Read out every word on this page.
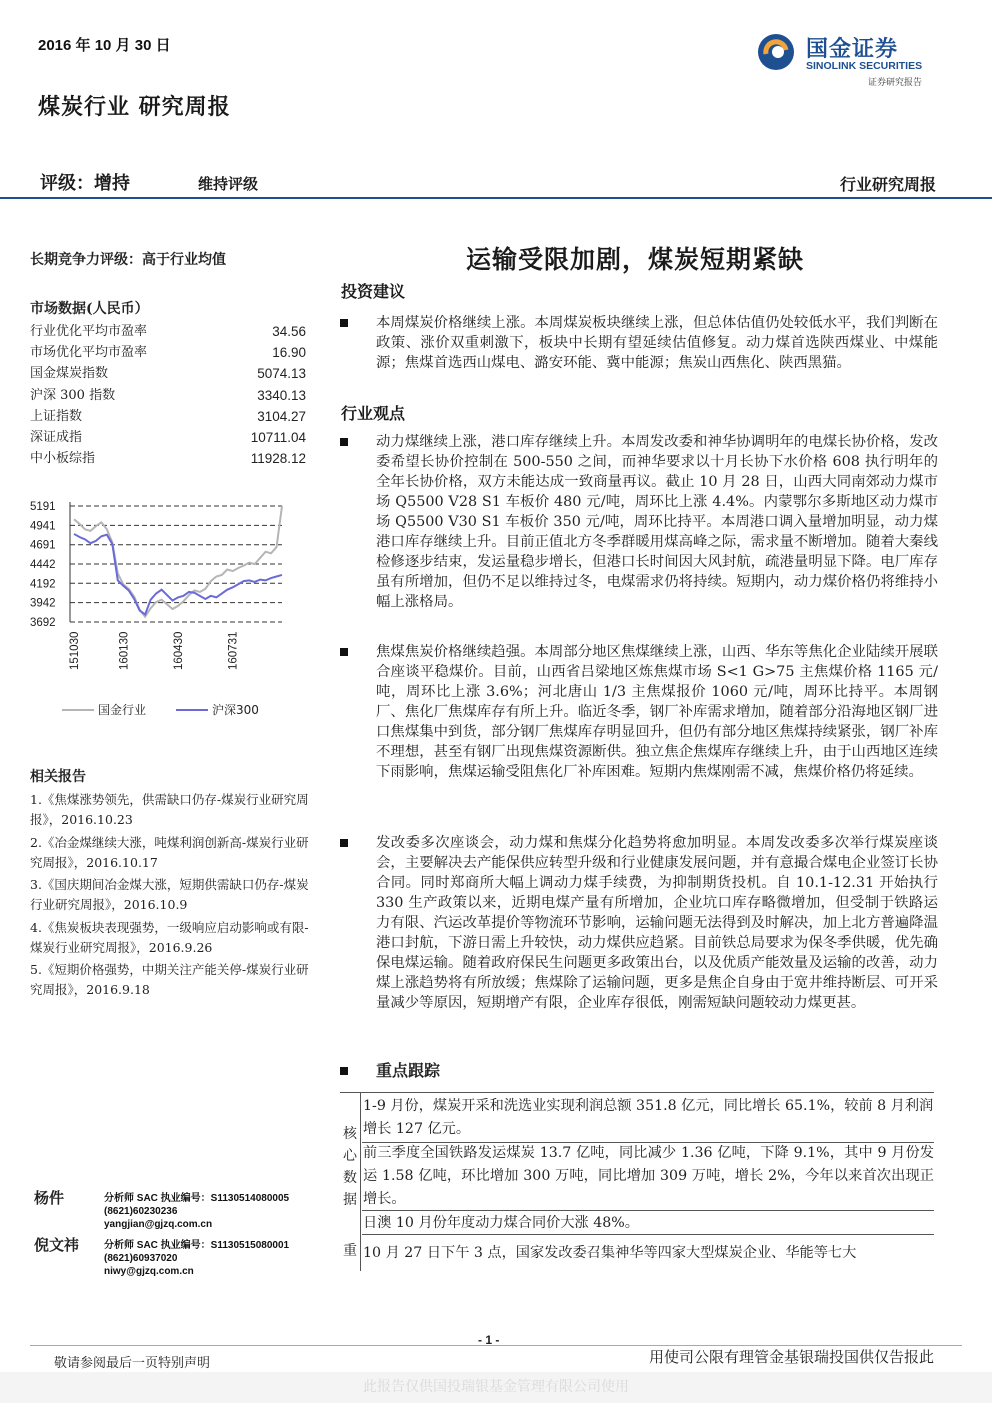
2016 年 10 月 30 日	国金证券
SINOLINK SECURITIES
证券研究报告
煤炭行业 研究周报
评级：增持	维持评级	行业研究周报
长期竞争力评级：高于行业均值
市场数据(人民币）
行业优化平均市盈率	34.56
市场优化平均市盈率	16.90
国金煤炭指数	5074.13
沪深 300 指数	3340.13
上证指数	3104.27
深证成指	10711.04
中小板综指	11928.12
5191
4941
4691
4442
4192
3942
3692
151030	160130	160430	160731
国金行业	沪深300
相关报告
1.《焦煤涨势领先，供需缺口仍存-煤炭行业研究周报》，2016.10.23
2.《冶金煤继续大涨，吨煤利润创新高-煤炭行业研究周报》，2016.10.17
3.《国庆期间冶金煤大涨，短期供需缺口仍存-煤炭行业研究周报》，2016.10.9
4.《焦炭板块表现强势，一级响应启动影响或有限-煤炭行业研究周报》，2016.9.26
5.《短期价格强势，中期关注产能关停-煤炭行业研究周报》，2016.9.18
杨件	分析师 SAC 执业编号：S1130514080005
(8621)60230236
yangjian@gjzq.com.cn
倪文祎 分析师 SAC 执业编号：S1130515080001
(8621)60937020
niwy@gjzq.com.cn
运输受限加剧，煤炭短期紧缺
投资建议

本周煤炭价格继续上涨。本周煤炭板块继续上涨，但总体估值仍处较低水平，我们判断在政策、涨价双重刺激下，板块中长期有望延续估值修复。动力煤首选陕西煤业、中煤能源；焦煤首选西山煤电、潞安环能、冀中能源；焦炭山西焦化、陕西黑猫。

行业观点

动力煤继续上涨，港口库存继续上升。本周发改委和神华协调明年的电煤长协价格，发改委希望长协价控制在 500-550 之间，而神华要求以十月长协下水价格 608 执行明年的全年长协价格，双方未能达成一致商量再议。截止 10 月 28 日，山西大同南郊动力煤市场 Q5500 V28 S1 车板价 480 元/吨，周环比上涨 4.4%。内蒙鄂尔多斯地区动力煤市场 Q5500 V30 S1 车板价 350 元/吨，周环比持平。本周港口调入量增加明显，动力煤港口库存继续上升。目前正值北方冬季群暖用煤高峰之际，需求量不断增加。随着大秦线检修逐步结束，发运量稳步增长，但港口长时间因大风封航，疏港量明显下降。电厂库存虽有所增加，但仍不足以维持过冬，电煤需求仍将持续。短期内，动力煤价格仍将维持小幅上涨格局。

焦煤焦炭价格继续趋强。本周部分地区焦煤继续上涨，山西、华东等焦化企业陆续开展联合座谈平稳煤价。目前，山西省吕梁地区炼焦煤市场 S<1 G>75 主焦煤价格 1165 元/吨，周环比上涨 3.6%；河北唐山 1/3 主焦煤报价 1060 元/吨，周环比持平。本周钢厂、焦化厂焦煤库存有所上升。临近冬季，钢厂补库需求增加，随着部分沿海地区钢厂进口焦煤集中到货，部分钢厂焦煤库存明显回升，但仍有部分地区焦煤持续紧张，钢厂补库不理想，甚至有钢厂出现焦煤资源断供。独立焦企焦煤库存继续上升，由于山西地区连续下雨影响，焦煤运输受阻焦化厂补库困难。短期内焦煤刚需不减，焦煤价格仍将延续。

发改委多次座谈会，动力煤和焦煤分化趋势将愈加明显。本周发改委多次举行煤炭座谈会，主要解决去产能保供应转型升级和行业健康发展问题，并有意撮合煤电企业签订长协合同。同时郑商所大幅上调动力煤手续费，为抑制期货投机。自 10.1-12.31 开始执行 330 生产政策以来，近期电煤产量有所增加，企业坑口库存略微增加，但受制于铁路运力有限、汽运改革提价等物流环节影响，运输问题无法得到及时解决，加上北方普遍降温港口封航，下游日需上升较快，动力煤供应趋紧。目前铁总局要求为保冬季供暖，优先确保电煤运输。随着政府保民生问题更多政策出台，以及优质产能效量及运输的改善，动力煤上涨趋势将有所放缓；焦煤除了运输问题，更多是焦企自身由于宽井维持断层、可开采量减少等原因，短期增产有限，企业库存很低，刚需短缺问题较动力煤更甚。

重点跟踪

核心数据
重
1-9 月份，煤炭开采和洗选业实现利润总额 351.8 亿元，同比增长 65.1%，较前 8 月利润增长 127 亿元。
前三季度全国铁路发运煤炭 13.7 亿吨，同比减少 1.36 亿吨，下降 9.1%，其中 9 月份发运 1.58 亿吨，环比增加 300 万吨，同比增加 309 万吨，增长 2%，今年以来首次出现正增长。
日澳 10 月份年度动力煤合同价大涨 48%。
10 月 27 日下午 3 点，国家发改委召集神华等四家大型煤炭企业、华能等七大
- 1 -
敬请参阅最后一页特别声明	用使司公限有理管金基银瑞投国供仅告报此
此报告仅供国投瑞银基金管理有限公司使用
